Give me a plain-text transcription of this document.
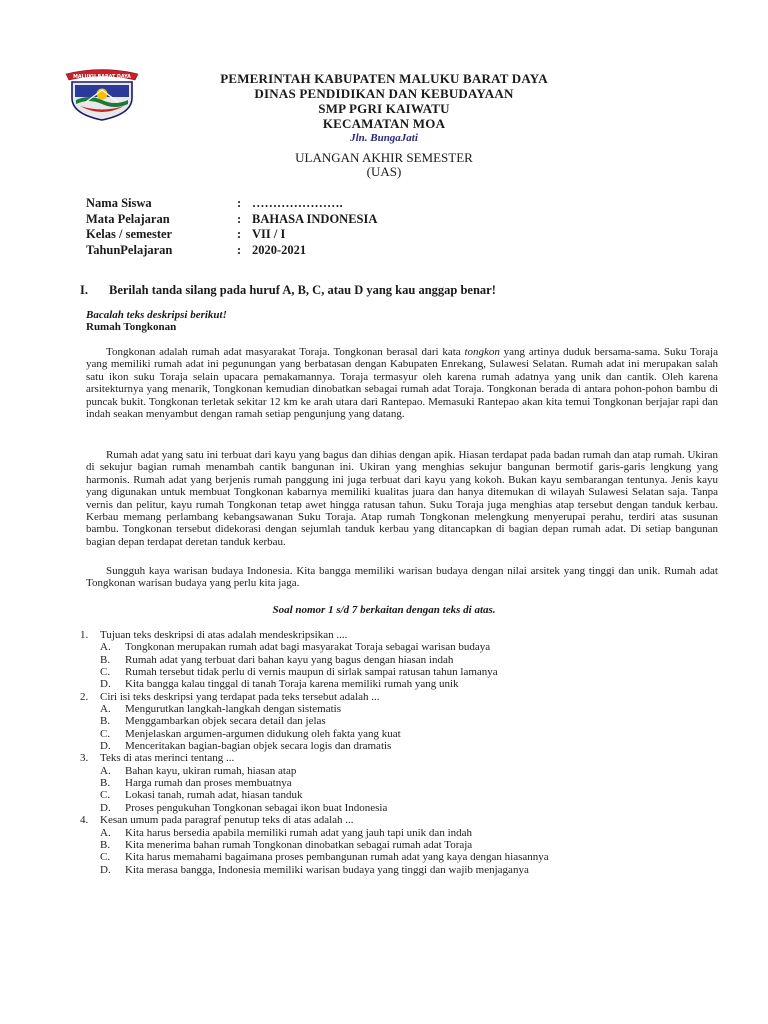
MALUKU BARAT DAYA	PEMERINTAH KABUPATEN MALUKU BARAT DAYA
DINAS PENDIDIKAN DAN KEBUDAYAAN
SMP PGRI KAIWATU
KECAMATAN MOA
Jln. BungaJati
ULANGAN AKHIR SEMESTER
(UAS)
Nama Siswa	: ………………….
Mata Pelajaran	: BAHASA INDONESIA
Kelas / semester	: VII / I
TahunPelajaran	: 2020-2021
I. Berilah tanda silang pada huruf A, B, C, atau D yang kau anggap benar!
Bacalah teks deskripsi berikut!
Rumah Tongkonan
Tongkonan adalah rumah adat masyarakat Toraja. Tongkonan berasal dari kata tongkon yang artinya duduk bersama-sama. Suku Toraja yang memiliki rumah adat ini pegunungan yang berbatasan dengan Kabupaten Enrekang, Sulawesi Selatan. Rumah adat ini merupakan salah satu ikon suku Toraja selain upacara pemakamannya. Toraja termasyur oleh karena rumah adatnya yang unik dan cantik. Oleh karena arsitekturnya yang menarik, Tongkonan kemudian dinobatkan sebagai rumah adat Toraja. Tongkonan berada di antara pohon-pohon bambu di puncak bukit. Tongkonan terletak sekitar 12 km ke arah utara dari Rantepao. Memasuki Rantepao akan kita temui Tongkonan berjajar rapi dan indah seakan menyambut dengan ramah setiap pengunjung yang datang.
Rumah adat yang satu ini terbuat dari kayu yang bagus dan dihias dengan apik. Hiasan terdapat pada badan rumah dan atap rumah. Ukiran di sekujur bagian rumah menambah cantik bangunan ini. Ukiran yang menghias sekujur bangunan bermotif garis-garis lengkung yang harmonis. Rumah adat yang berjenis rumah panggung ini juga terbuat dari kayu yang kokoh. Bukan kayu sembarangan tentunya. Jenis kayu yang digunakan untuk membuat Tongkonan kabarnya memiliki kualitas juara dan hanya ditemukan di wilayah Sulawesi Selatan saja. Tanpa vernis dan pelitur, kayu rumah Tongkonan tetap awet hingga ratusan tahun. Suku Toraja juga menghias atap tersebut dengan tanduk kerbau. Kerbau memang perlambang kebangsawanan Suku Toraja. Atap rumah Tongkonan melengkung menyerupai perahu, terdiri atas susunan bambu. Tongkonan tersebut didekorasi dengan sejumlah tanduk kerbau yang ditancapkan di bagian depan rumah adat. Di setiap bangunan bagian depan terdapat deretan tanduk kerbau.
Sungguh kaya warisan budaya Indonesia. Kita bangga memiliki warisan budaya dengan nilai arsitek yang tinggi dan unik. Rumah adat Tongkonan warisan budaya yang perlu kita jaga.
Soal nomor 1 s/d 7 berkaitan dengan teks di atas.
1. Tujuan teks deskripsi di atas adalah mendeskripsikan ....
A. Tongkonan merupakan rumah adat bagi masyarakat Toraja sebagai warisan budaya
B. Rumah adat yang terbuat dari bahan kayu yang bagus dengan hiasan indah
C. Rumah tersebut tidak perlu di vernis maupun di sirlak sampai ratusan tahun lamanya
D. Kita bangga kalau tinggal di tanah Toraja karena memiliki rumah yang unik
2. Ciri isi teks deskripsi yang terdapat pada teks tersebut adalah ...
A. Mengurutkan langkah-langkah dengan sistematis
B. Menggambarkan objek secara detail dan jelas
C. Menjelaskan argumen-argumen didukung oleh fakta yang kuat
D. Menceritakan bagian-bagian objek secara logis dan dramatis
3. Teks di atas merinci tentang ...
A. Bahan kayu, ukiran rumah, hiasan atap
B. Harga rumah dan proses membuatnya
C. Lokasi tanah, rumah adat, hiasan tanduk
D. Proses pengukuhan Tongkonan sebagai ikon buat Indonesia
4. Kesan umum pada paragraf penutup teks di atas adalah ...
A. Kita harus bersedia apabila memiliki rumah adat yang jauh tapi unik dan indah
B. Kita menerima bahan rumah Tongkonan dinobatkan sebagai rumah adat Toraja
C. Kita harus memahami bagaimana proses pembangunan rumah adat yang kaya dengan hiasannya
D. Kita merasa bangga, Indonesia memiliki warisan budaya yang tinggi dan wajib menjaganya
